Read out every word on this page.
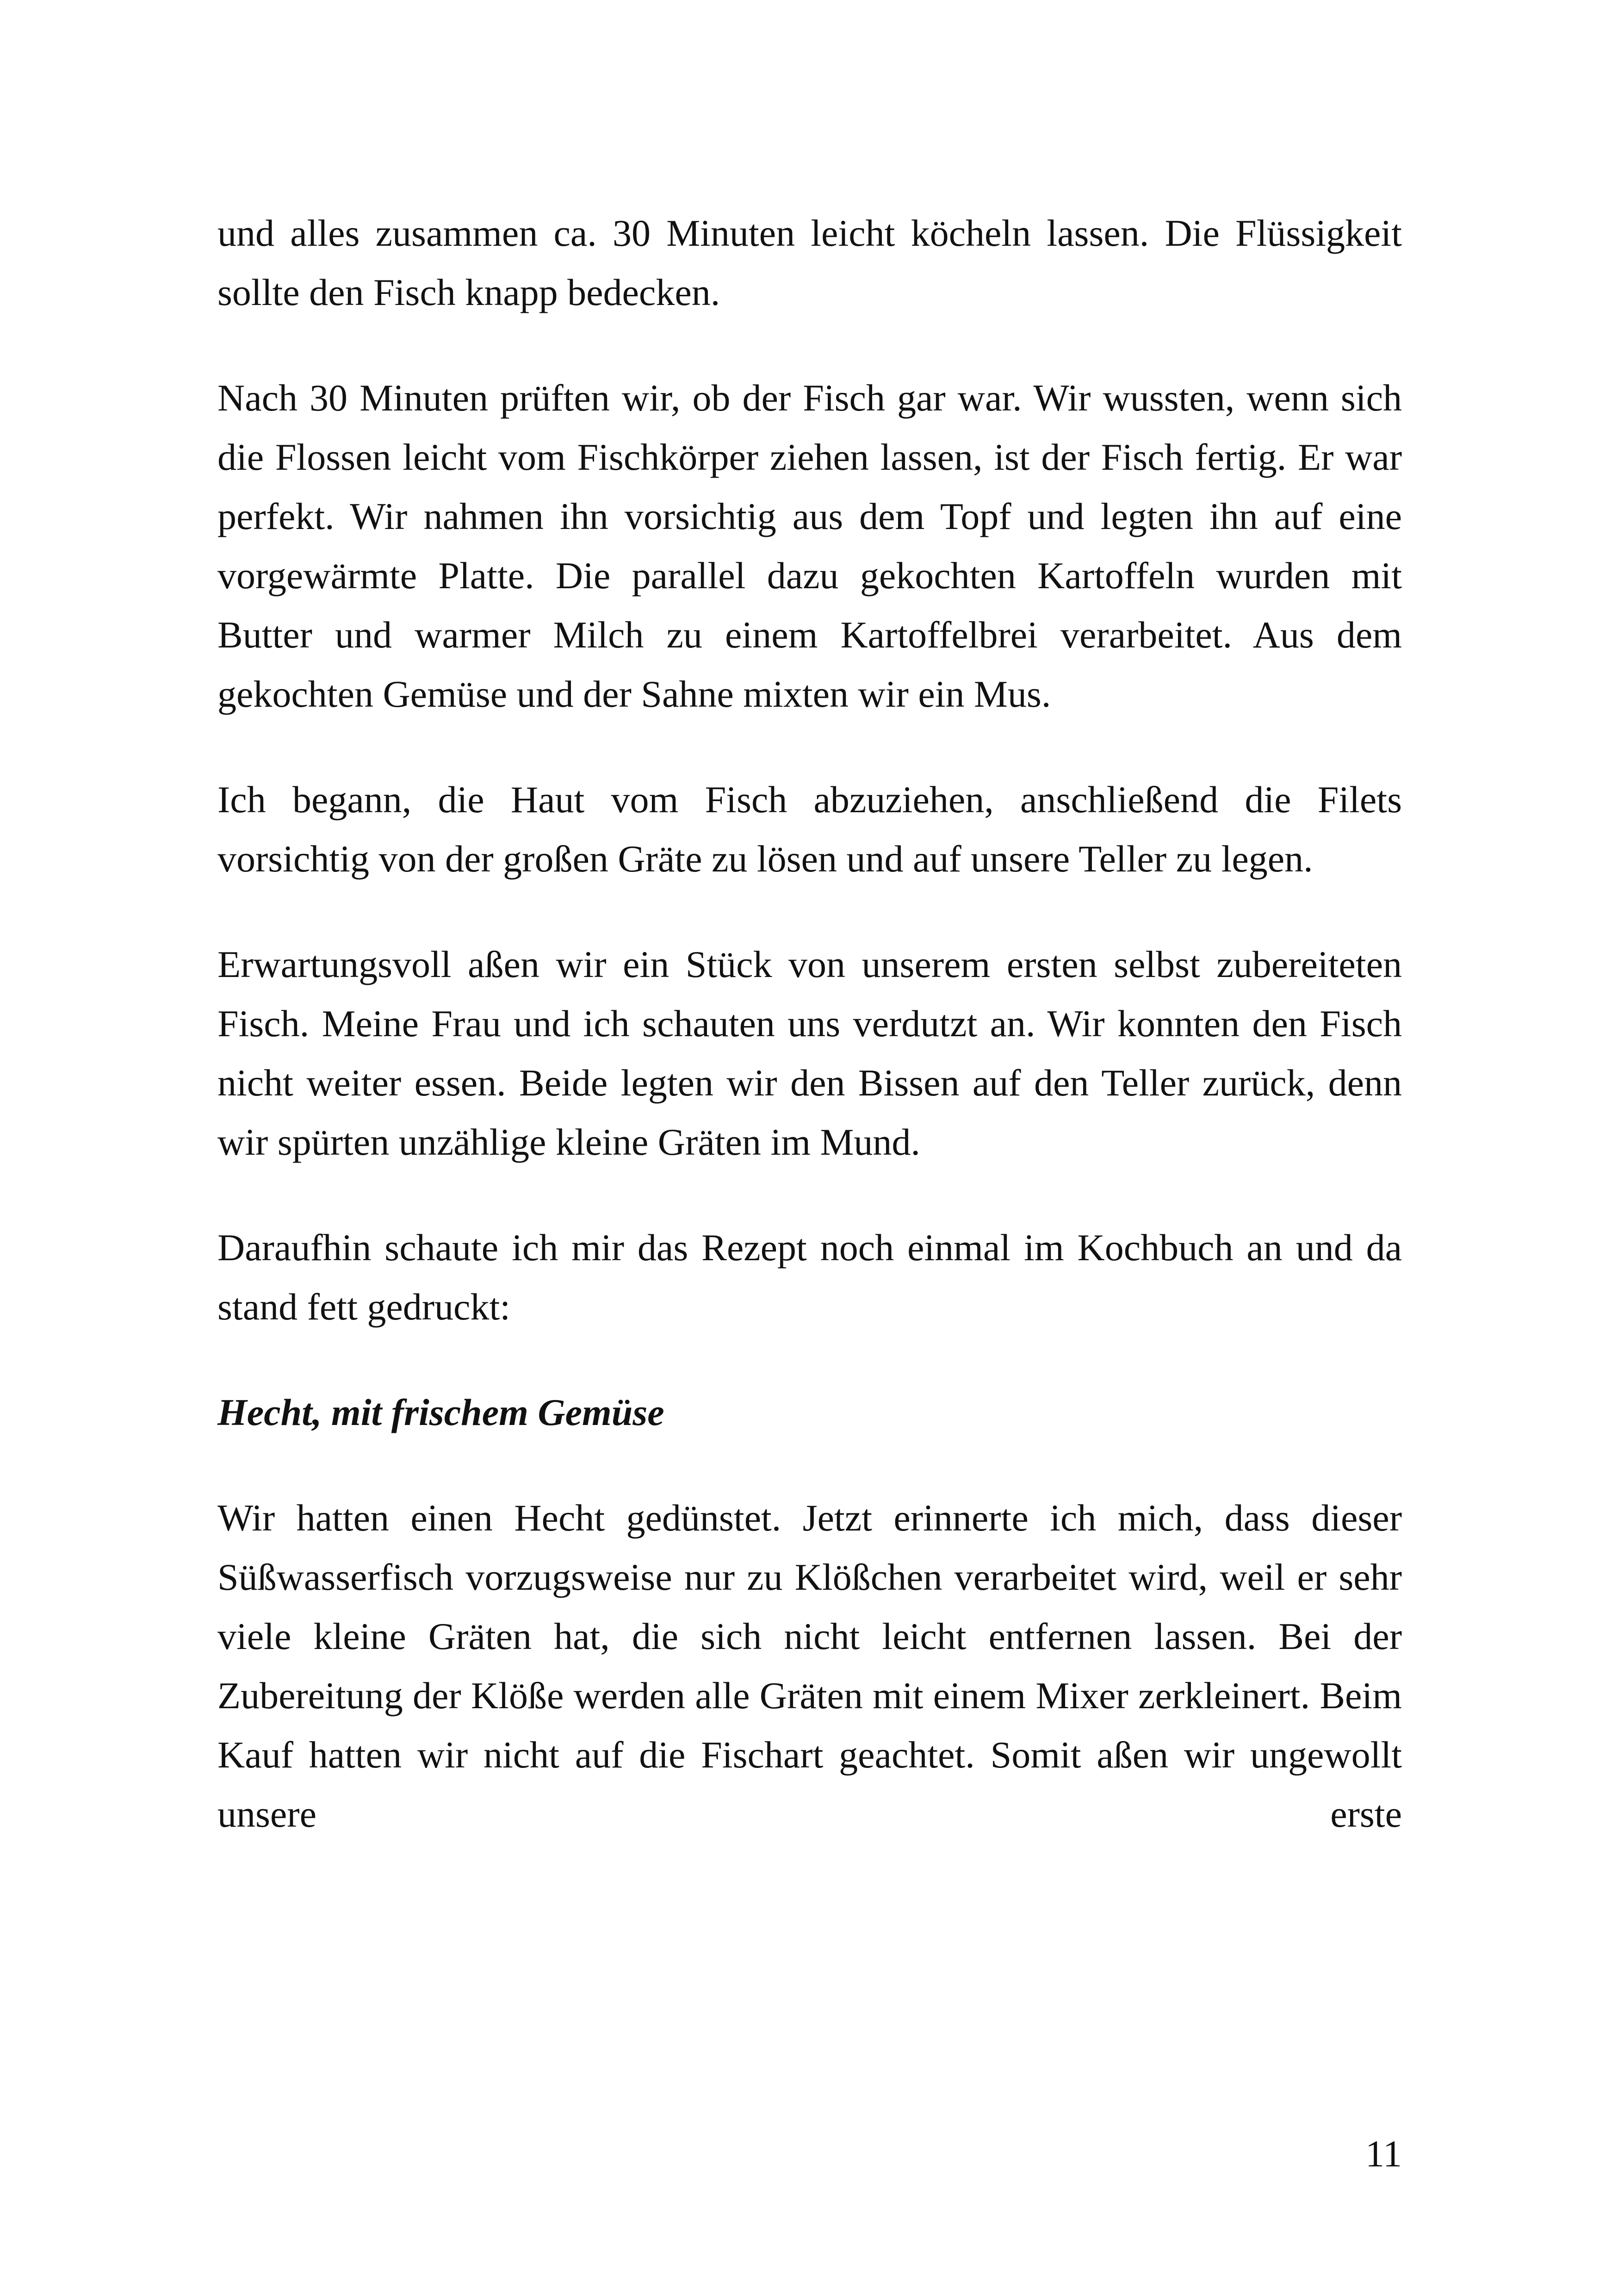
und alles zusammen ca. 30 Minuten leicht köcheln lassen. Die Flüssigkeit sollte den Fisch knapp bedecken.

Nach 30 Minuten prüften wir, ob der Fisch gar war. Wir wussten, wenn sich die Flossen leicht vom Fischkörper ziehen lassen, ist der Fisch fertig. Er war perfekt. Wir nahmen ihn vorsichtig aus dem Topf und legten ihn auf eine vorgewärmte Platte. Die parallel dazu gekochten Kartoffeln wurden mit Butter und warmer Milch zu einem Kartoffelbrei verarbeitet. Aus dem gekochten Gemüse und der Sahne mixten wir ein Mus.

Ich begann, die Haut vom Fisch abzuziehen, anschließend die Filets vorsichtig von der großen Gräte zu lösen und auf unsere Teller zu legen.

Erwartungsvoll aßen wir ein Stück von unserem ersten selbst zubereiteten Fisch. Meine Frau und ich schauten uns verdutzt an. Wir konnten den Fisch nicht weiter essen. Beide legten wir den Bissen auf den Teller zurück, denn wir spürten unzählige kleine Gräten im Mund.

Daraufhin schaute ich mir das Rezept noch einmal im Kochbuch an und da stand fett gedruckt:

Hecht, mit frischem Gemüse

Wir hatten einen Hecht gedünstet. Jetzt erinnerte ich mich, dass dieser Süßwasserfisch vorzugsweise nur zu Klößchen verarbeitet wird, weil er sehr viele kleine Gräten hat, die sich nicht leicht entfernen lassen. Bei der Zubereitung der Klöße werden alle Gräten mit einem Mixer zerkleinert. Beim Kauf hatten wir nicht auf die Fischart geachtet. Somit aßen wir ungewollt unsere erste

11
